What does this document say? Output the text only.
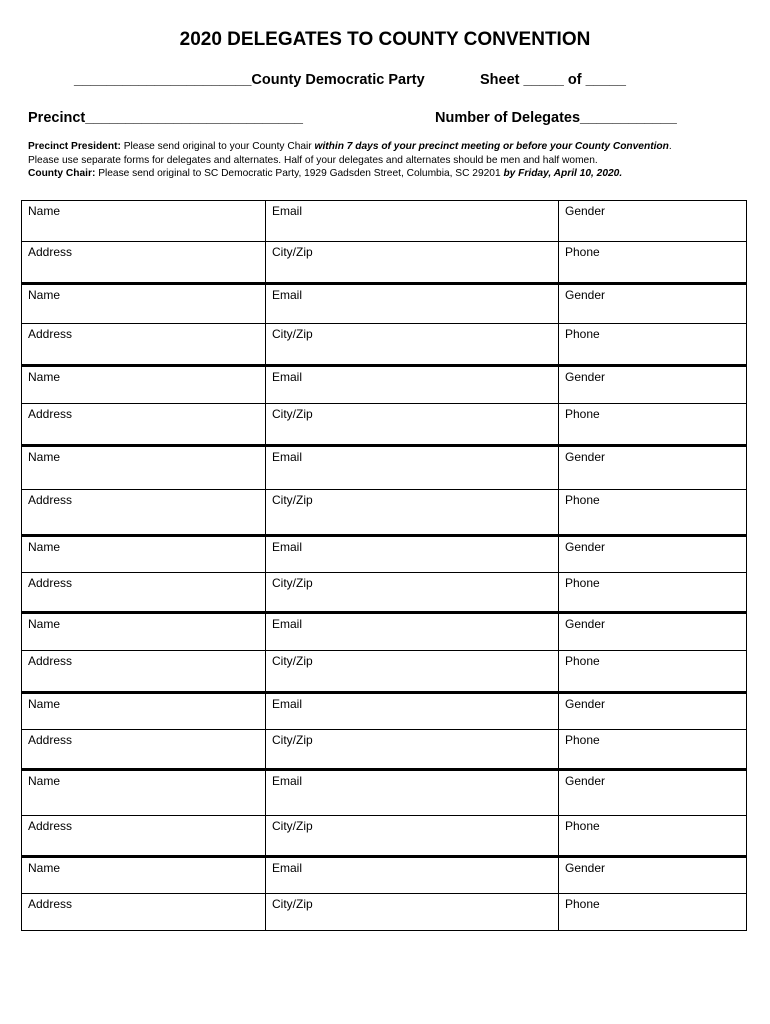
2020 DELEGATES TO COUNTY CONVENTION
______________________County Democratic Party	Sheet _____ of _____
Precinct___________________________	Number of Delegates____________
Precinct President: Please send original to your County Chair within 7 days of your precinct meeting or before your County Convention.
Please use separate forms for delegates and alternates. Half of your delegates and alternates should be men and half women.
County Chair: Please send original to SC Democratic Party, 1929 Gadsden Street, Columbia, SC 29201 by Friday, April 10, 2020.
Name	Email	Gender
Address	City/Zip	Phone
Name	Email	Gender
Address	City/Zip	Phone
Name	Email	Gender
Address	City/Zip	Phone
Name	Email	Gender
Address	City/Zip	Phone
Name	Email	Gender
Address	City/Zip	Phone
Name	Email	Gender
Address	City/Zip	Phone
Name	Email	Gender
Address	City/Zip	Phone
Name	Email	Gender
Address	City/Zip	Phone
Name	Email	Gender
Address	City/Zip	Phone
